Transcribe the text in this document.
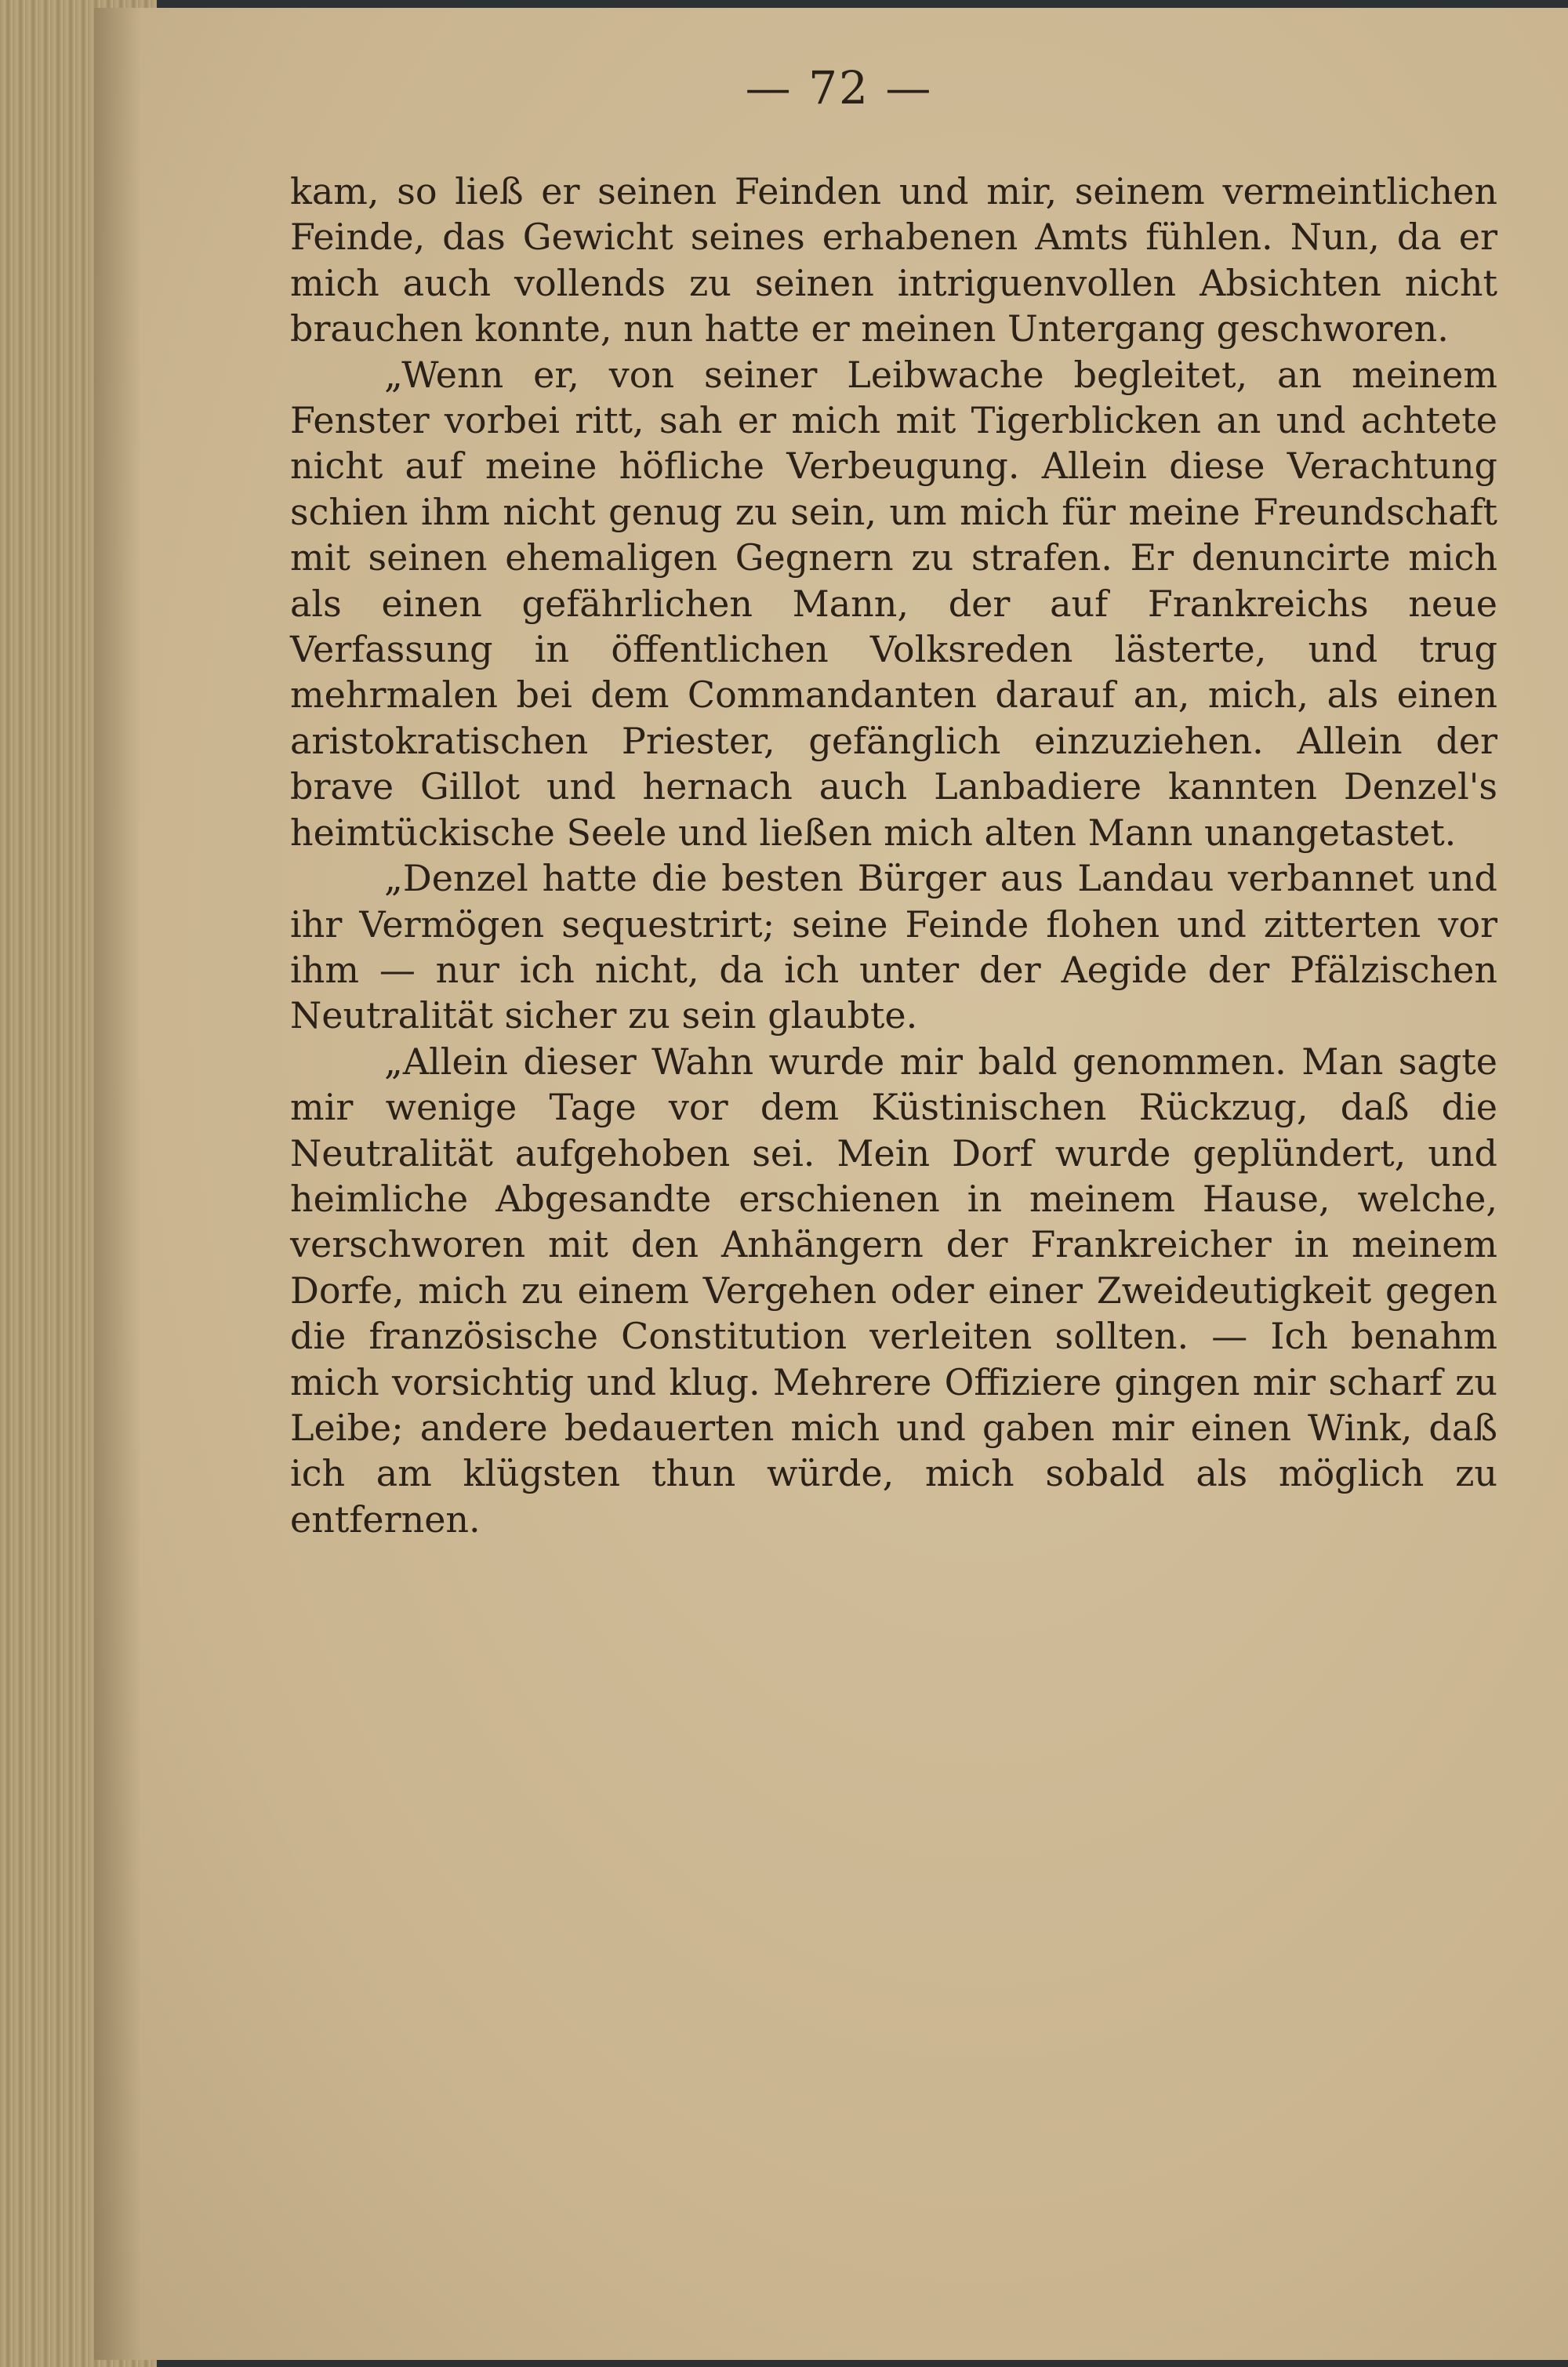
— 72 —

kam, so ließ er seinen Feinden und mir, seinem vermeintlichen Feinde, das Gewicht seines erhabenen Amts fühlen. Nun, da er mich auch vollends zu seinen intriguenvollen Absichten nicht brauchen konnte, nun hatte er meinen Untergang geschworen.

„Wenn er, von seiner Leibwache begleitet, an meinem Fenster vorbei ritt, sah er mich mit Tigerblicken an und achtete nicht auf meine höfliche Verbeugung. Allein diese Verachtung schien ihm nicht genug zu sein, um mich für meine Freundschaft mit seinen ehemaligen Gegnern zu strafen. Er denuncirte mich als einen gefährlichen Mann, der auf Frankreichs neue Verfassung in öffentlichen Volksreden lästerte, und trug mehrmalen bei dem Commandanten darauf an, mich, als einen aristokratischen Priester, gefänglich einzuziehen. Allein der brave Gillot und hernach auch Lanbadiere kannten Denzel's heimtückische Seele und ließen mich alten Mann unangetastet.

„Denzel hatte die besten Bürger aus Landau verbannet und ihr Vermögen sequestrirt; seine Feinde flohen und zitterten vor ihm — nur ich nicht, da ich unter der Aegide der Pfälzischen Neutralität sicher zu sein glaubte.

„Allein dieser Wahn wurde mir bald genommen. Man sagte mir wenige Tage vor dem Küstinischen Rückzug, daß die Neutralität aufgehoben sei. Mein Dorf wurde geplündert, und heimliche Abgesandte erschienen in meinem Hause, welche, verschworen mit den Anhängern der Frankreicher in meinem Dorfe, mich zu einem Vergehen oder einer Zweideutigkeit gegen die französische Constitution verleiten sollten. — Ich benahm mich vorsichtig und klug. Mehrere Offiziere gingen mir scharf zu Leibe; andere bedauerten mich und gaben mir einen Wink, daß ich am klügsten thun würde, mich sobald als möglich zu entfernen.
